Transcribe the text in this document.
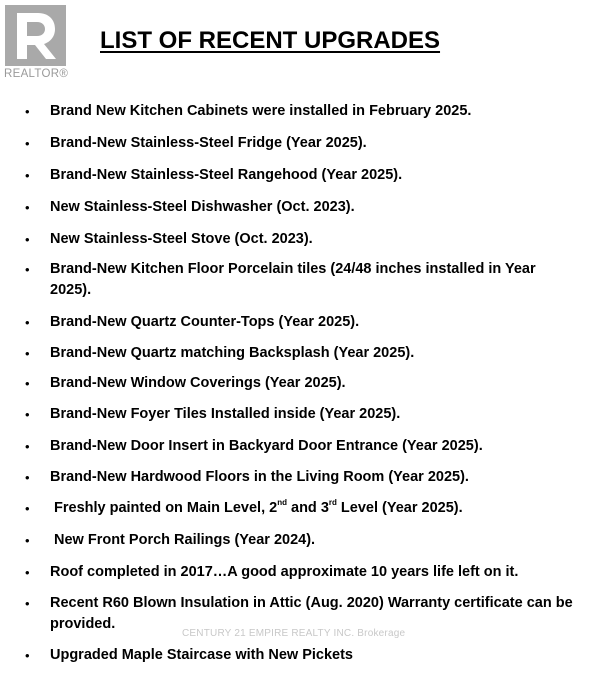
REALTOR®
LIST OF RECENT UPGRADES
• Brand New Kitchen Cabinets were installed in February 2025.
• Brand-New Stainless-Steel Fridge (Year 2025).
• Brand-New Stainless-Steel Rangehood (Year 2025).
• New Stainless-Steel Dishwasher (Oct. 2023).
• New Stainless-Steel Stove (Oct. 2023).
• Brand-New Kitchen Floor Porcelain tiles (24/48 inches installed in Year 2025).
• Brand-New Quartz Counter-Tops (Year 2025).
• Brand-New Quartz matching Backsplash (Year 2025).
• Brand-New Window Coverings (Year 2025).
• Brand-New Foyer Tiles Installed inside (Year 2025).
• Brand-New Door Insert in Backyard Door Entrance (Year 2025).
• Brand-New Hardwood Floors in the Living Room (Year 2025).
• Freshly painted on Main Level, 2nd and 3rd Level (Year 2025).
• New Front Porch Railings (Year 2024).
• Roof completed in 2017…A good approximate 10 years life left on it.
• Recent R60 Blown Insulation in Attic (Aug. 2020) Warranty certificate can be provided.
• Upgraded Maple Staircase with New Pickets
CENTURY 21 EMPIRE REALTY INC. Brokerage
